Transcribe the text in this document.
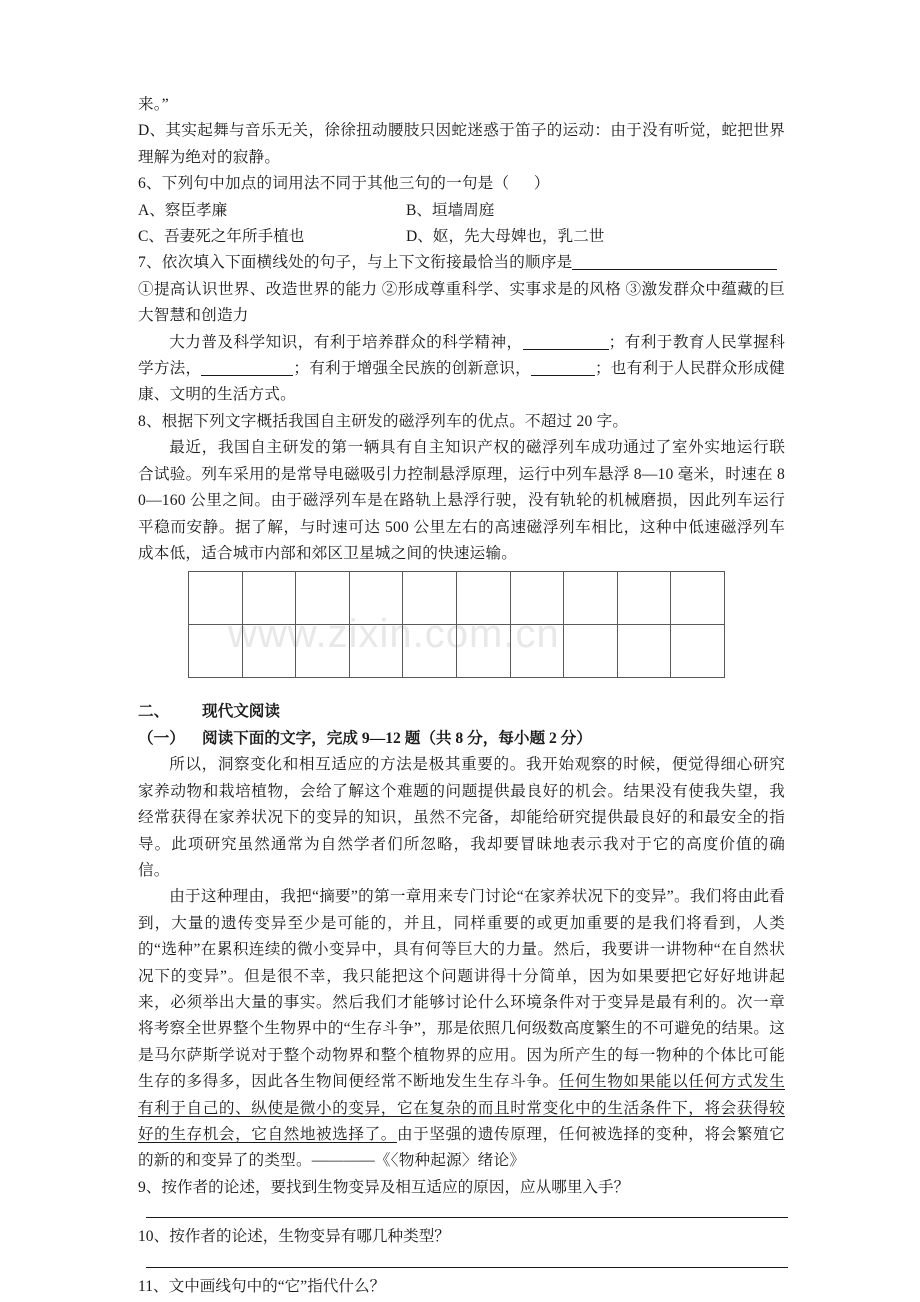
来。”
D、其实起舞与音乐无关，徐徐扭动腰肢只因蛇迷惑于笛子的运动：由于没有听觉，蛇把世界理解为绝对的寂静。
6、下列句中加点的词用法不同于其他三句的一句是（      ）
A、察臣孝廉	B、垣墙周庭
C、吾妻死之年所手植也	D、妪，先大母婢也，乳二世
7、依次填入下面横线处的句子，与上下文衔接最恰当的顺序是
①提高认识世界、改造世界的能力 ②形成尊重科学、实事求是的风格 ③激发群众中蕴藏的巨大智慧和创造力
大力普及科学知识，有利于培养群众的科学精神，	；有利于教育人民掌握科学方法，	；有利于增强全民族的创新意识，	；也有利于人民群众形成健康、文明的生活方式。
8、根据下列文字概括我国自主研发的磁浮列车的优点。不超过 20 字。
最近，我国自主研发的第一辆具有自主知识产权的磁浮列车成功通过了室外实地运行联合试验。列车采用的是常导电磁吸引力控制悬浮原理，运行中列车悬浮 8—10 毫米，时速在 80—160 公里之间。由于磁浮列车是在路轨上悬浮行驶，没有轨轮的机械磨损，因此列车运行平稳而安静。据了解，与时速可达 500 公里左右的高速磁浮列车相比，这种中低速磁浮列车成本低，适合城市内部和郊区卫星城之间的快速运输。

二、 现代文阅读
（一） 阅读下面的文字，完成 9—12 题（共 8 分，每小题 2 分）
所以，洞察变化和相互适应的方法是极其重要的。我开始观察的时候，便觉得细心研究家养动物和栽培植物，会给了解这个难题的问题提供最良好的机会。结果没有使我失望，我经常获得在家养状况下的变异的知识，虽然不完备，却能给研究提供最良好的和最安全的指导。此项研究虽然通常为自然学者们所忽略，我却要冒昧地表示我对于它的高度价值的确信。
由于这种理由，我把“摘要”的第一章用来专门讨论“在家养状况下的变异”。我们将由此看到，大量的遗传变异至少是可能的，并且，同样重要的或更加重要的是我们将看到，人类的“选种”在累积连续的微小变异中，具有何等巨大的力量。然后，我要讲一讲物种“在自然状况下的变异”。但是很不幸，我只能把这个问题讲得十分简单，因为如果要把它好好地讲起来，必须举出大量的事实。然后我们才能够讨论什么环境条件对于变异是最有利的。次一章将考察全世界整个生物界中的“生存斗争”，那是依照几何级数高度繁生的不可避免的结果。这是马尔萨斯学说对于整个动物界和整个植物界的应用。因为所产生的每一物种的个体比可能生存的多得多，因此各生物间便经常不断地发生生存斗争。任何生物如果能以任何方式发生有利于自己的、纵使是微小的变异，它在复杂的而且时常变化中的生活条件下，将会获得较好的生存机会，它自然地被选择了。由于坚强的遗传原理，任何被选择的变种，将会繁殖它的新的和变异了的类型。————《〈物种起源〉绪论》
9、按作者的论述，要找到生物变异及相互适应的原因，应从哪里入手？
10、按作者的论述，生物变异有哪几种类型？
11、文中画线句中的“它”指代什么？
www.zixin.com.cn
